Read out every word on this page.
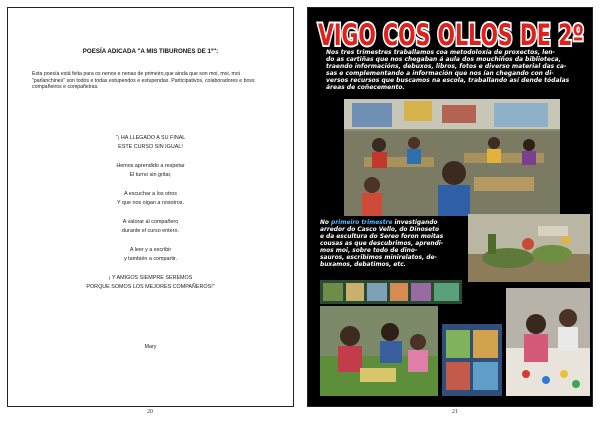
POESÍA ADICADA "A MIS TIBURONES DE 1º":
Esta poesía está feita para os nenos e nenas de primeiro,que ainda que son moi, moi, moi
"parlanchines" son todos e todas estupendos e estupendas. Participativos, colaboradores e boss
compañeiros e compañeiras.
"¡ HA LLEGADO A SU FINAL
ESTE CURSO SIN IGUAL!
Hemos aprendido a respetar
El turno sin gritar,
A escuchar a los otros
Y que nos oigan a nosotros.
A valorar al compañero
durante el curso entero.
A leer y a escribir
y también a compartir.
¡ Y AMIGOS SIEMPRE SEREMOS
PORQUE SOMOS LOS MEJORES COMPAÑEROS!"
Mary
20
VIGO COS OLLOS DE 2º
VIGO COS OLLOS DE 2º
Nos tres trimestres traballamos coa metodoloxía de proxectos, len-
do as cartiñas que nos chegaban á aula dos mouchiños da biblioteca,
traendo informacións, debuxos, libros, fotos e diverso material das ca-
sas e complementando a información que nos ían chegando con di-
versos recursos que buscamos na escola, traballando así dende tódalas
áreas de coñecemento.
No primeiro trimestre investigando
arredor do Casco Vello, do Dinoseto
e da escultura do Sereo foron moitas
cousas as que descubrimos, aprendi-
mos moi, sobre todo de dino-
sauros, escribimos minirelatos, de-
buxamos, debatimos, etc.
21
